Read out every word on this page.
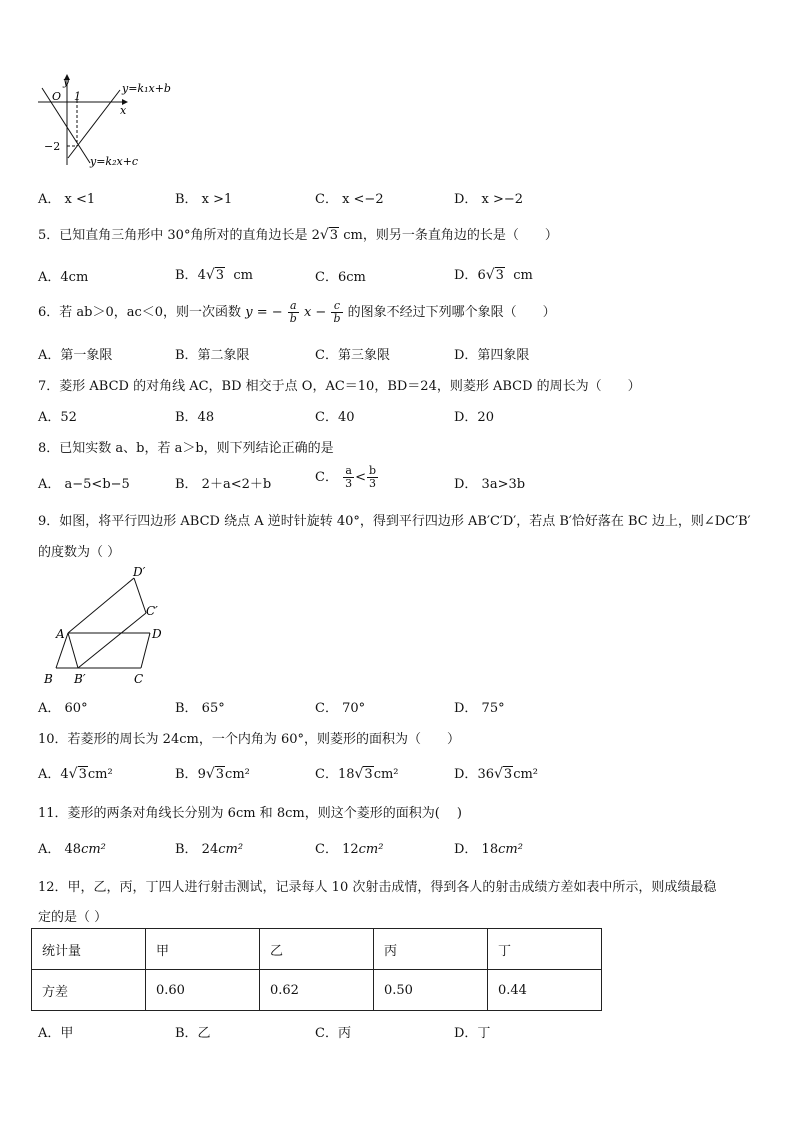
y
x
O 1
−2
y=k₁x+b
y=k₂x+c
A． x <1	B． x >1	C． x <−2	D． x >−2
5．已知直角三角形中 30°角所对的直角边长是 2√3 cm，则另一条直角边的长是（　　）
A．4cm	B．4√3 cm	C．6cm	D．6√3 cm
6．若 ab＞0，ac＜0，则一次函数 y = − $\frac{a}{b}$ $x - \frac{c}{b}$ 的图象不经过下列哪个象限（　　）
A．第一象限	B．第二象限	C．第三象限	D．第四象限
7．菱形 ABCD 的对角线 AC，BD 相交于点 O，AC＝10，BD＝24，则菱形 ABCD 的周长为（　　）
A．52	B．48	C．40	D．20
8．已知实数 a、b，若 a＞b，则下列结论正确的是
A． a−5<b−5	B． 2＋a<2＋b	C． $\frac{a}{3} < \frac{b}{3}$	D． 3a>3b
9．如图，将平行四边形 ABCD 绕点 A 逆时针旋转 40°，得到平行四边形 AB′C′D′，若点 B′恰好落在 BC 边上，则∠DC′B′
的度数为（ ）
D′
C′
A	D
B B′	C
A． 60°	B． 65°	C． 70°	D． 75°
10．若菱形的周长为 24cm，一个内角为 60°，则菱形的面积为（　　）
A．4√3cm²	B．9√3cm²	C．18√3cm²	D．36√3cm²
11．菱形的两条对角线长分别为 6cm 和 8cm，则这个菱形的面积为(　 )
A． 48cm²	B． 24cm²	C． 12cm²	D． 18cm²
12．甲，乙，丙，丁四人进行射击测试，记录每人 10 次射击成情，得到各人的射击成绩方差如表中所示，则成绩最稳
定的是（ ）
统计量	甲	乙	丙	丁
方差	0.60	0.62	0.50	0.44
A．甲	B．乙	C．丙	D．丁
